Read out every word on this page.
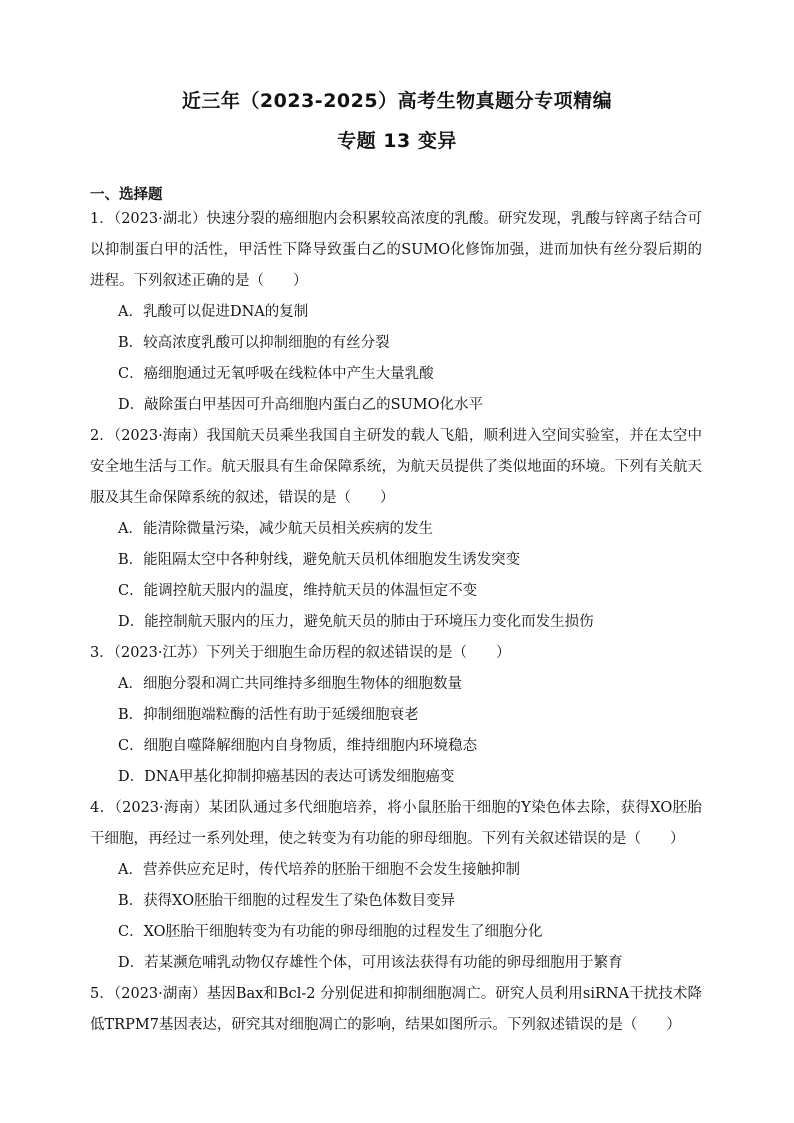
近三年（2023-2025）高考生物真题分专项精编
专题 13 变异
一、选择题
1．（2023·湖北）快速分裂的癌细胞内会积累较高浓度的乳酸。研究发现，乳酸与锌离子结合可
以抑制蛋白甲的活性，甲活性下降导致蛋白乙的SUMO化修饰加强，进而加快有丝分裂后期的
进程。下列叙述正确的是（　　）
A．乳酸可以促进DNA的复制
B．较高浓度乳酸可以抑制细胞的有丝分裂
C．癌细胞通过无氧呼吸在线粒体中产生大量乳酸
D．敲除蛋白甲基因可升高细胞内蛋白乙的SUMO化水平
2．（2023·海南）我国航天员乘坐我国自主研发的载人飞船，顺利进入空间实验室，并在太空中
安全地生活与工作。航天服具有生命保障系统，为航天员提供了类似地面的环境。下列有关航天
服及其生命保障系统的叙述，错误的是（　　）
A．能清除微量污染，减少航天员相关疾病的发生
B．能阻隔太空中各种射线，避免航天员机体细胞发生诱发突变
C．能调控航天服内的温度，维持航天员的体温恒定不变
D．能控制航天服内的压力，避免航天员的肺由于环境压力变化而发生损伤
3．（2023·江苏）下列关于细胞生命历程的叙述错误的是（　　）
A．细胞分裂和凋亡共同维持多细胞生物体的细胞数量
B．抑制细胞端粒酶的活性有助于延缓细胞衰老
C．细胞自噬降解细胞内自身物质，维持细胞内环境稳态
D．DNA甲基化抑制抑癌基因的表达可诱发细胞癌变
4．（2023·海南）某团队通过多代细胞培养，将小鼠胚胎干细胞的Y染色体去除，获得XO胚胎
干细胞，再经过一系列处理，使之转变为有功能的卵母细胞。下列有关叙述错误的是（　　）
A．营养供应充足时，传代培养的胚胎干细胞不会发生接触抑制
B．获得XO胚胎干细胞的过程发生了染色体数目变异
C．XO胚胎干细胞转变为有功能的卵母细胞的过程发生了细胞分化
D．若某濒危哺乳动物仅存雄性个体，可用该法获得有功能的卵母细胞用于繁育
5．（2023·湖南）基因Bax和Bcl-2 分别促进和抑制细胞凋亡。研究人员利用siRNA干扰技术降
低TRPM7基因表达，研究其对细胞凋亡的影响，结果如图所示。下列叙述错误的是（　　）
